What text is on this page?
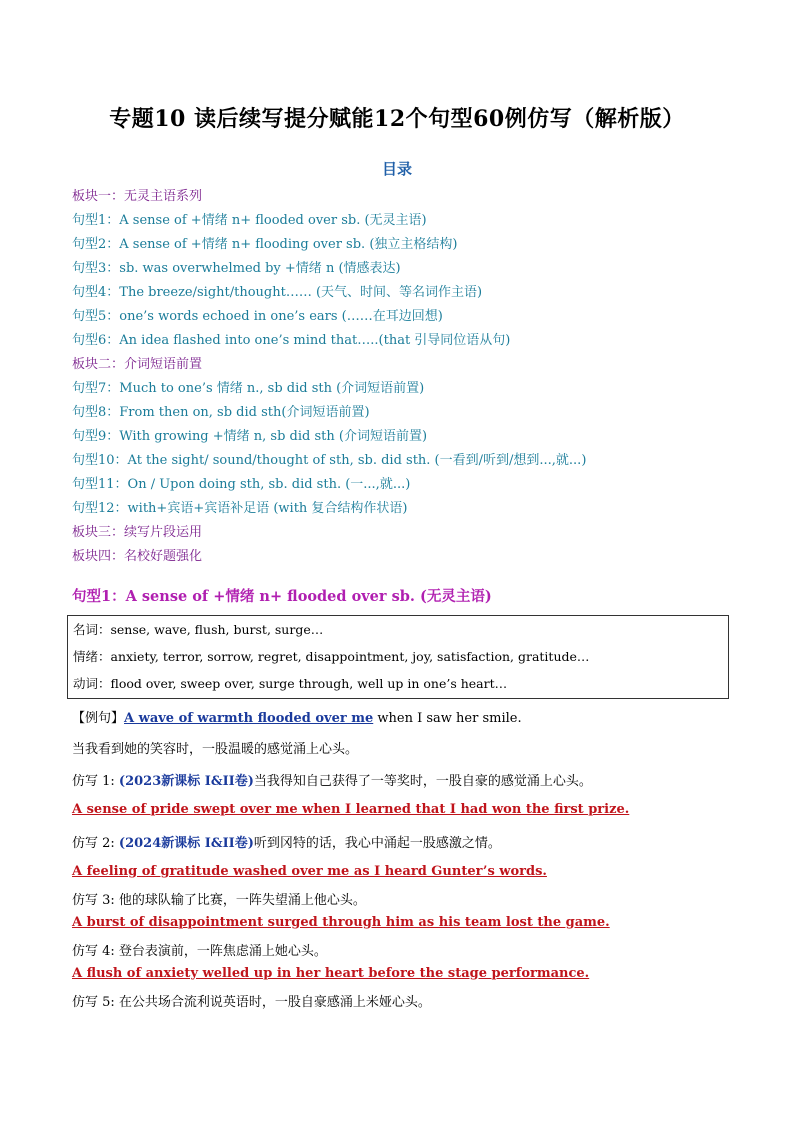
专题10 读后续写提分赋能12个句型60例仿写（解析版）
目录
板块一：无灵主语系列
句型1：A sense of +情绪 n+ flooded over sb. (无灵主语)
句型2：A sense of +情绪 n+ flooding over sb. (独立主格结构)
句型3：sb. was overwhelmed by +情绪 n (情感表达)
句型4：The breeze/sight/thought…… (天气、时间、等名词作主语)
句型5：one’s words echoed in one’s ears (……在耳边回想)
句型6：An idea flashed into one’s mind that…..(that 引导同位语从句)
板块二：介词短语前置
句型7：Much to one’s 情绪 n., sb did sth (介词短语前置)
句型8：From then on, sb did sth(介词短语前置)
句型9：With growing +情绪 n, sb did sth (介词短语前置)
句型10：At the sight/ sound/thought of sth, sb. did sth. (一看到/听到/想到...,就...)
句型11：On / Upon doing sth, sb. did sth. (一...,就...)
句型12：with+宾语+宾语补足语 (with 复合结构作状语)
板块三：续写片段运用
板块四：名校好题强化
句型1：A sense of +情绪 n+ flooded over sb. (无灵主语)
名词：sense, wave, flush, burst, surge…
情绪：anxiety, terror, sorrow, regret, disappointment, joy, satisfaction, gratitude…
动词：flood over, sweep over, surge through, well up in one’s heart…
【例句】A wave of warmth flooded over me when I saw her smile.
当我看到她的笑容时，一股温暖的感觉涌上心头。
仿写 1: (2023新课标 I&II卷)当我得知自己获得了一等奖时，一股自豪的感觉涌上心头。
A sense of pride swept over me when I learned that I had won the first prize.
仿写 2: (2024新课标 I&II卷)听到冈特的话，我心中涌起一股感激之情。
A feeling of gratitude washed over me as I heard Gunter’s words.
仿写 3: 他的球队输了比赛，一阵失望涌上他心头。
A burst of disappointment surged through him as his team lost the game.
仿写 4: 登台表演前，一阵焦虑涌上她心头。
A flush of anxiety welled up in her heart before the stage performance.
仿写 5: 在公共场合流利说英语时，一股自豪感涌上米娅心头。
